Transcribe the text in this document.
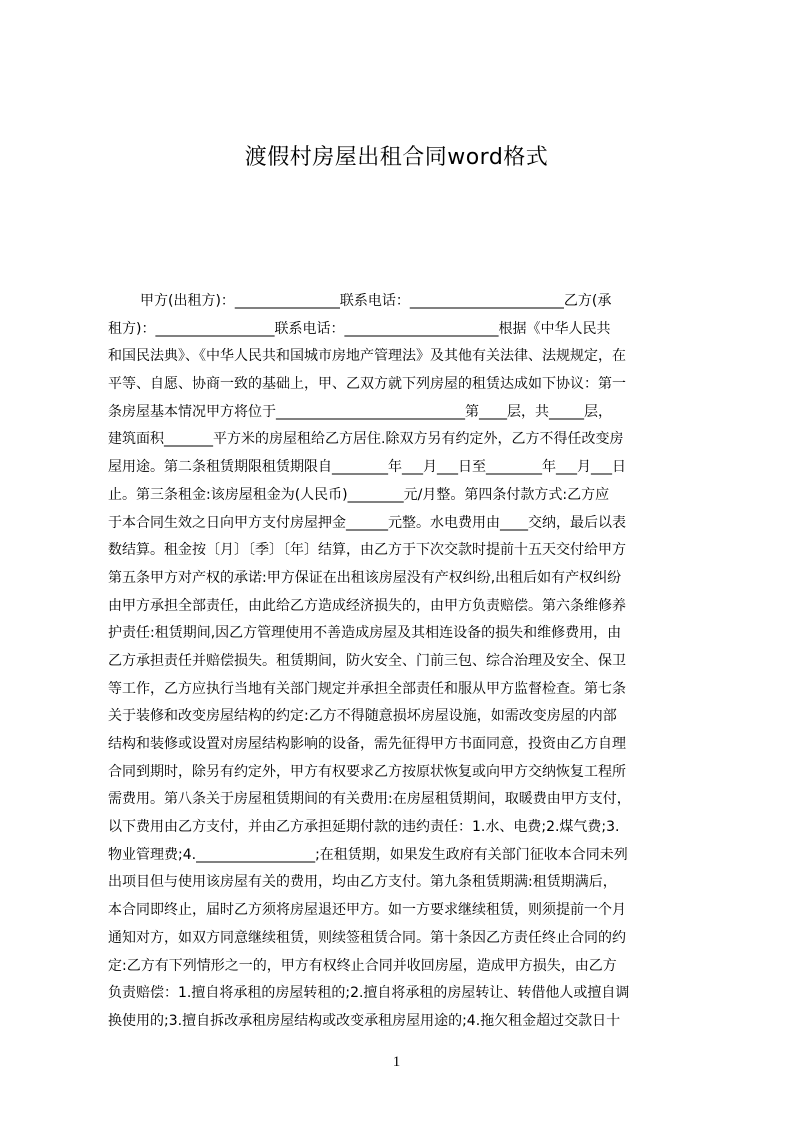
渡假村房屋出租合同word格式
甲方(出租方)：_______________联系电话：______________________乙方(承
租方)：_________________联系电话：______________________根据《中华人民共
和国民法典》、《中华人民共和国城市房地产管理法》及其他有关法律、法规规定，在
平等、自愿、协商一致的基础上，甲、乙双方就下列房屋的租赁达成如下协议：第一
条房屋基本情况甲方将位于___________________________第____层，共_____层，
建筑面积_______平方米的房屋租给乙方居住.除双方另有约定外，乙方不得任改变房
屋用途。第二条租赁期限租赁期限自________年___月___日至________年___月___日
止。第三条租金:该房屋租金为(人民币)________元/月整。第四条付款方式:乙方应
于本合同生效之日向甲方支付房屋押金______元整。水电费用由____交纳，最后以表
数结算。租金按〔月〕〔季〕〔年〕结算，由乙方于下次交款时提前十五天交付给甲方
第五条甲方对产权的承诺:甲方保证在出租该房屋没有产权纠纷,出租后如有产权纠纷
由甲方承担全部责任，由此给乙方造成经济损失的，由甲方负责赔偿。第六条维修养
护责任:租赁期间,因乙方管理使用不善造成房屋及其相连设备的损失和维修费用，由
乙方承担责任并赔偿损失。租赁期间，防火安全、门前三包、综合治理及安全、保卫
等工作，乙方应执行当地有关部门规定并承担全部责任和服从甲方监督检查。第七条
关于装修和改变房屋结构的约定:乙方不得随意损坏房屋设施，如需改变房屋的内部
结构和装修或设置对房屋结构影响的设备，需先征得甲方书面同意，投资由乙方自理
合同到期时，除另有约定外，甲方有权要求乙方按原状恢复或向甲方交纳恢复工程所
需费用。第八条关于房屋租赁期间的有关费用:在房屋租赁期间，取暖费由甲方支付，
以下费用由乙方支付，并由乙方承担延期付款的违约责任：1.水、电费;2.煤气费;3.
物业管理费;4._________________;在租赁期，如果发生政府有关部门征收本合同未列
出项目但与使用该房屋有关的费用，均由乙方支付。第九条租赁期满:租赁期满后，
本合同即终止，届时乙方须将房屋退还甲方。如一方要求继续租赁，则须提前一个月
通知对方，如双方同意继续租赁，则续签租赁合同。第十条因乙方责任终止合同的约
定:乙方有下列情形之一的，甲方有权终止合同并收回房屋，造成甲方损失，由乙方
负责赔偿：1.擅自将承租的房屋转租的;2.擅自将承租的房屋转让、转借他人或擅自调
换使用的;3.擅自拆改承租房屋结构或改变承租房屋用途的;4.拖欠租金超过交款日十
1
